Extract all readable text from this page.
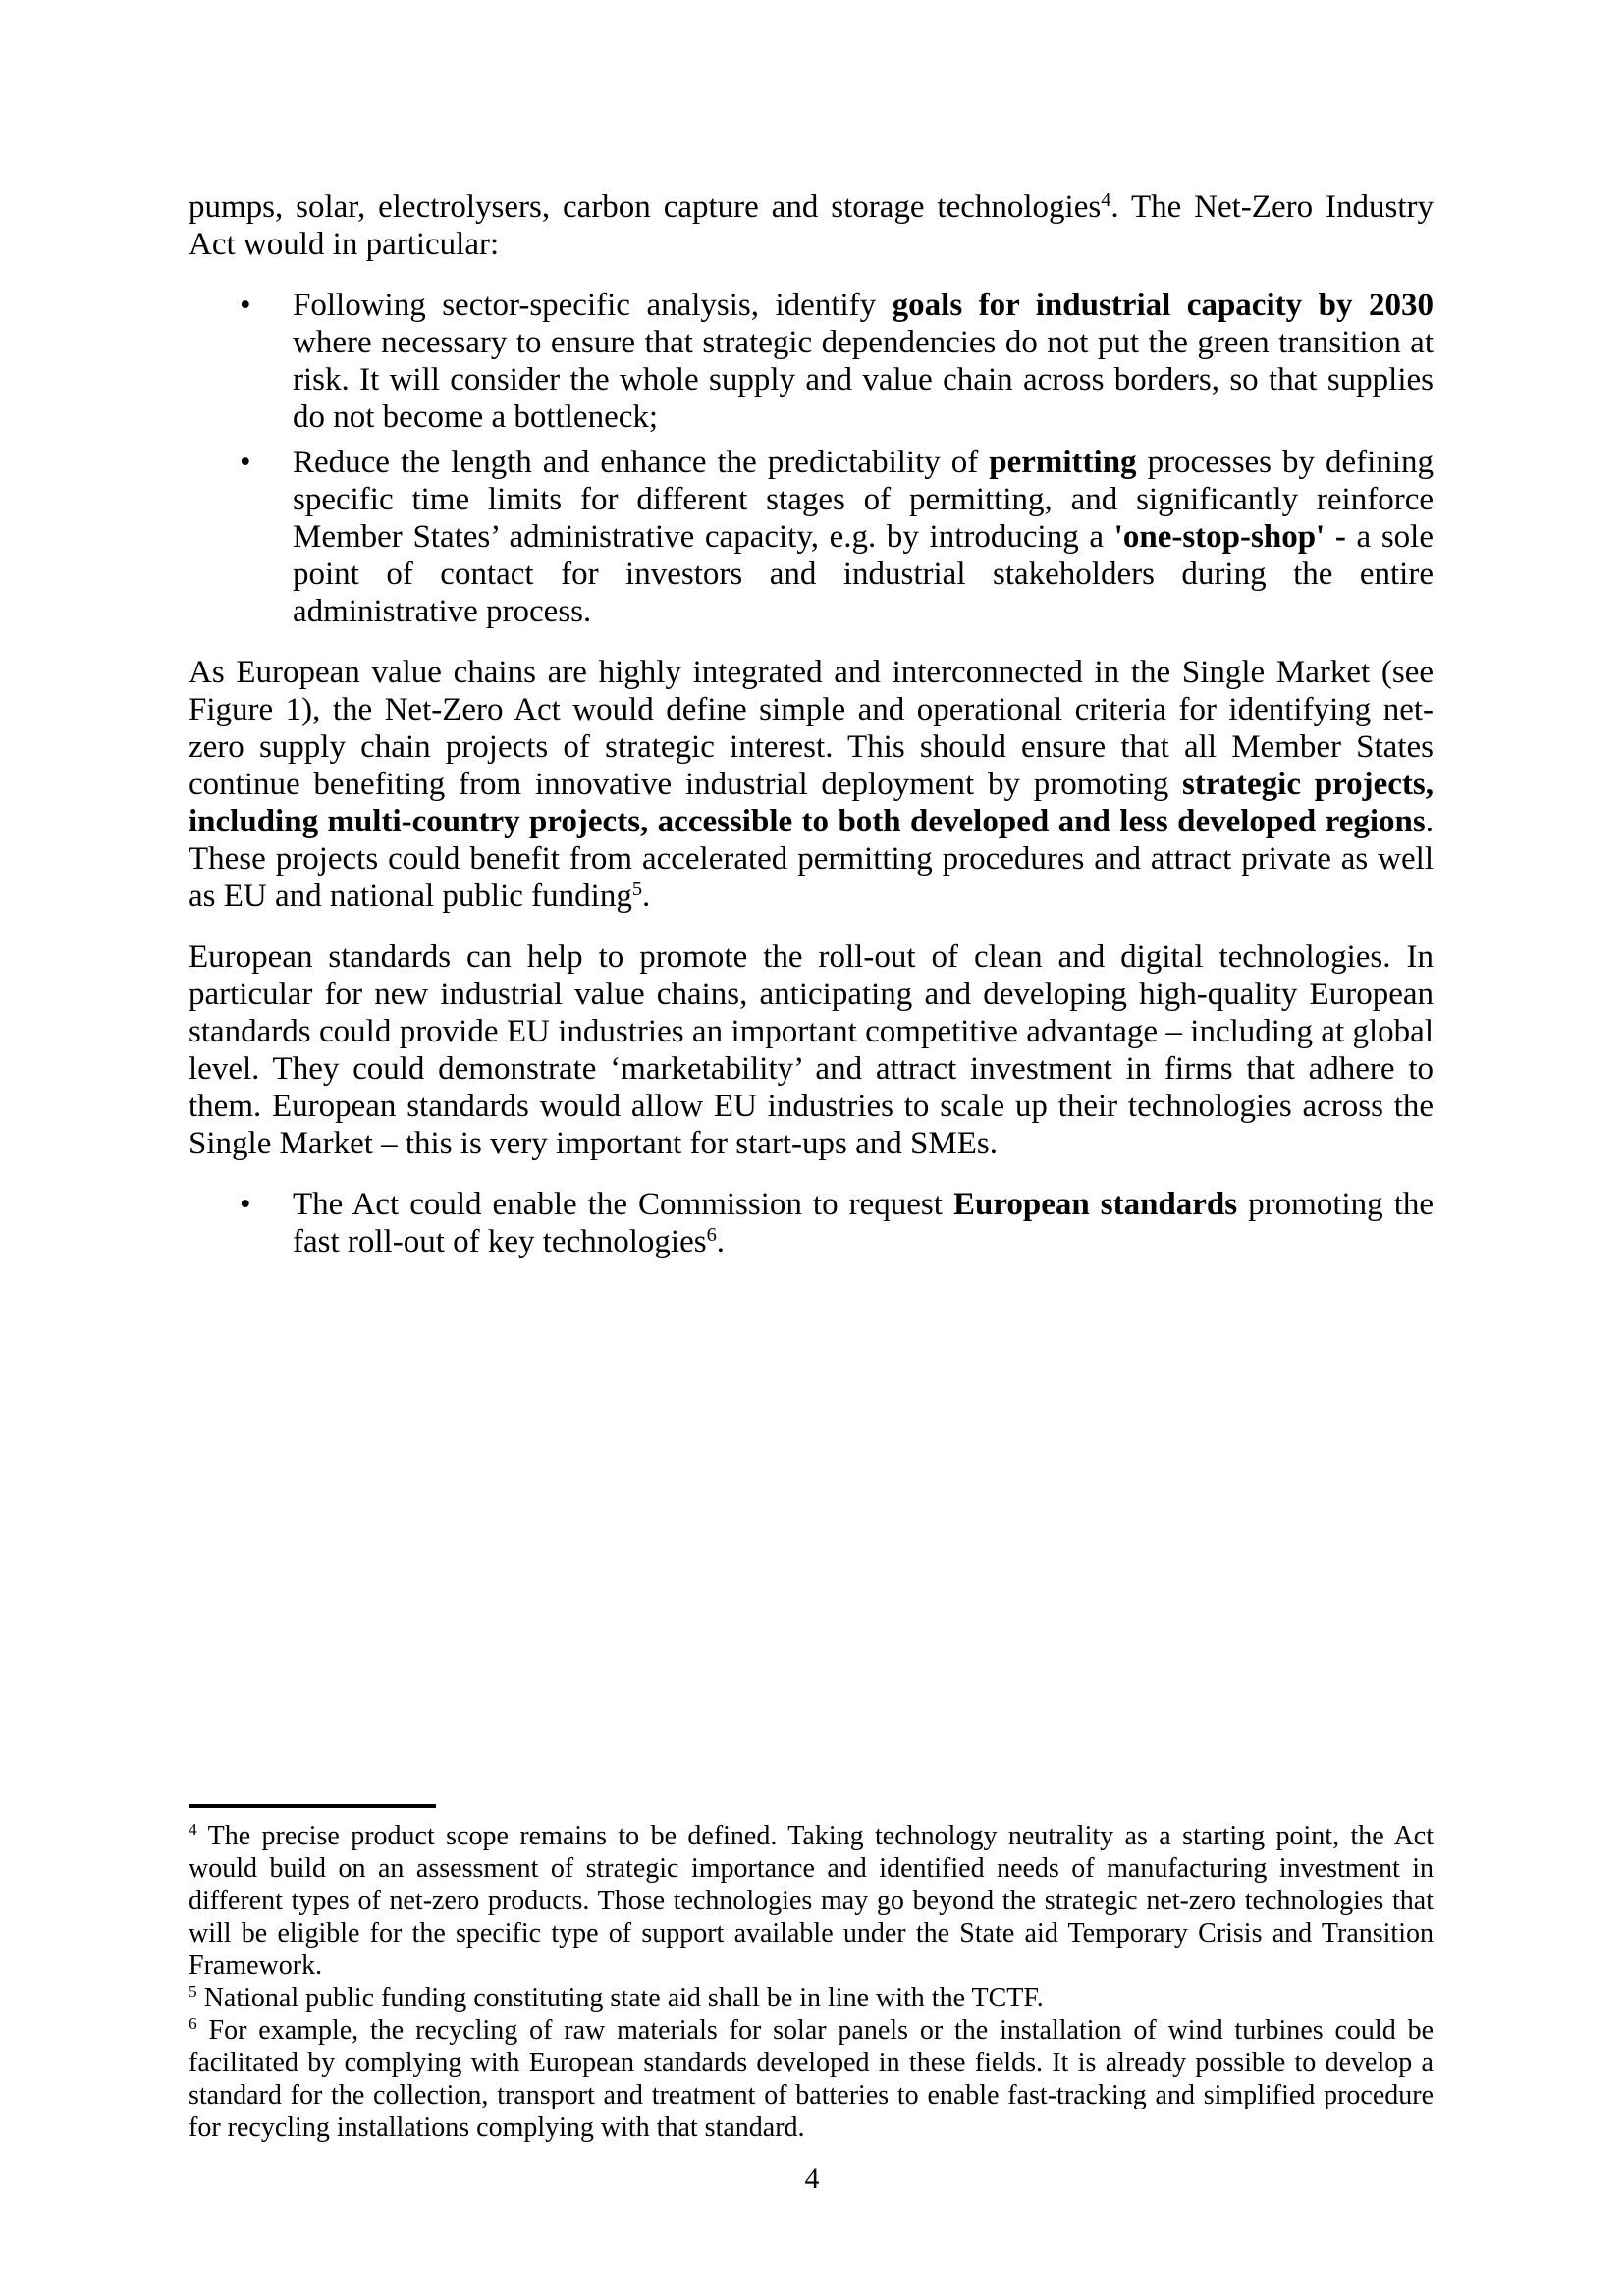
pumps, solar, electrolysers, carbon capture and storage technologies$^4$. The Net-Zero Industry Act would in particular:

• Following sector-specific analysis, identify goals for industrial capacity by 2030 where necessary to ensure that strategic dependencies do not put the green transition at risk. It will consider the whole supply and value chain across borders, so that supplies do not become a bottleneck;
• Reduce the length and enhance the predictability of permitting processes by defining specific time limits for different stages of permitting, and significantly reinforce Member States’ administrative capacity, e.g. by introducing a 'one-stop-shop' - a sole point of contact for investors and industrial stakeholders during the entire administrative process.

As European value chains are highly integrated and interconnected in the Single Market (see Figure 1), the Net-Zero Act would define simple and operational criteria for identifying net-zero supply chain projects of strategic interest. This should ensure that all Member States continue benefiting from innovative industrial deployment by promoting strategic projects, including multi-country projects, accessible to both developed and less developed regions. These projects could benefit from accelerated permitting procedures and attract private as well as EU and national public funding$^5$.

European standards can help to promote the roll-out of clean and digital technologies. In particular for new industrial value chains, anticipating and developing high-quality European standards could provide EU industries an important competitive advantage – including at global level. They could demonstrate ‘marketability’ and attract investment in firms that adhere to them. European standards would allow EU industries to scale up their technologies across the Single Market – this is very important for start-ups and SMEs.

• The Act could enable the Commission to request European standards promoting the fast roll-out of key technologies$^6$.

$^4$ The precise product scope remains to be defined. Taking technology neutrality as a starting point, the Act would build on an assessment of strategic importance and identified needs of manufacturing investment in different types of net-zero products. Those technologies may go beyond the strategic net-zero technologies that will be eligible for the specific type of support available under the State aid Temporary Crisis and Transition Framework.

$^5$ National public funding constituting state aid shall be in line with the TCTF.

$^6$ For example, the recycling of raw materials for solar panels or the installation of wind turbines could be facilitated by complying with European standards developed in these fields. It is already possible to develop a standard for the collection, transport and treatment of batteries to enable fast-tracking and simplified procedure for recycling installations complying with that standard.

4
